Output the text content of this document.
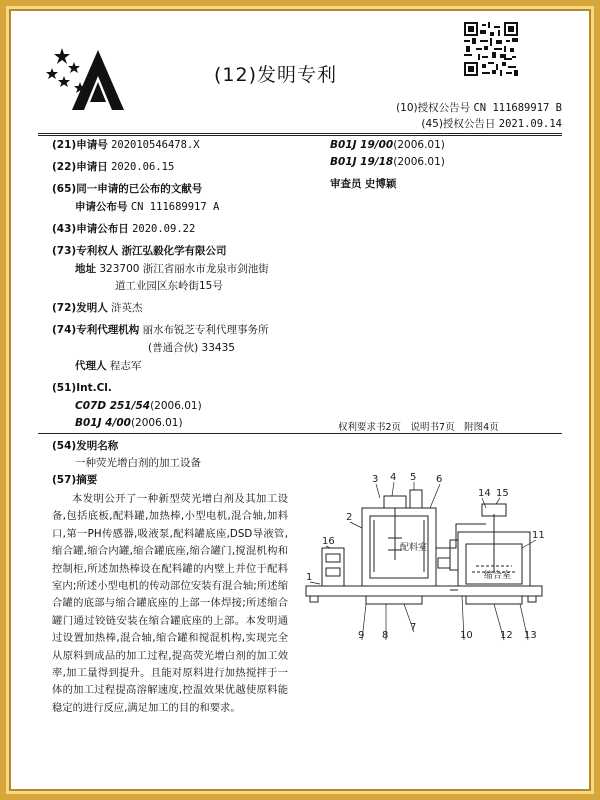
(12)发明专利
(10)授权公告号 CN 111689917 B
(45)授权公告日 2021.09.14
(21)申请号 202010546478.X
(22)申请日 2020.06.15
(65)同一申请的已公布的文献号
申请公布号 CN 111689917 A
(43)申请公布日 2020.09.22
(73)专利权人 浙江弘毅化学有限公司
地址 323700 浙江省丽水市龙泉市剑池街
道工业园区东岭街15号
(72)发明人 浒英杰
(74)专利代理机构 丽水布锐芝专利代理事务所
(普通合伙) 33435
代理人 程志军
(51)Int.Cl.
C07D 251/54(2006.01)
B01J 4/00(2006.01)
B01J 19/00(2006.01)
B01J 19/18(2006.01)
审查员 史博颖
权利要求书2页　说明书7页　附图4页
(54)发明名称
一种荧光增白剂的加工设备
(57)摘要
本发明公开了一种新型荧光增白剂及其加工设备,包括底板,配料罐,加热棒,小型电机,混合轴,加料口,第一PH传感器,吸液泵,配料罐底座,DSD导液管,缩合罐,缩合内罐,缩合罐底座,缩合罐门,搅混机构和控制柜,所述加热棒设在配料罐的内壁上并位于配料室内;所述小型电机的传动部位安装有混合轴;所述缩合罐的底部与缩合罐底座的上部一体焊接;所述缩合罐门通过铰链安装在缩合罐底座的上部。本发明通过设置加热棒,混合轴,缩合罐和搅混机构,实现完全从原料到成品的加工过程,提高荧光增白剂的加工效率,加工量得到提升。且能对原料进行加热搅拌于一体的加工过程提高溶解速度,控温效果优越使原料能稳定的进行反应,满足加工的目的和要求。
配料室
缩合室
1
2
3 4 5 6
7
8
9	10
11
12 13
14 15
16
